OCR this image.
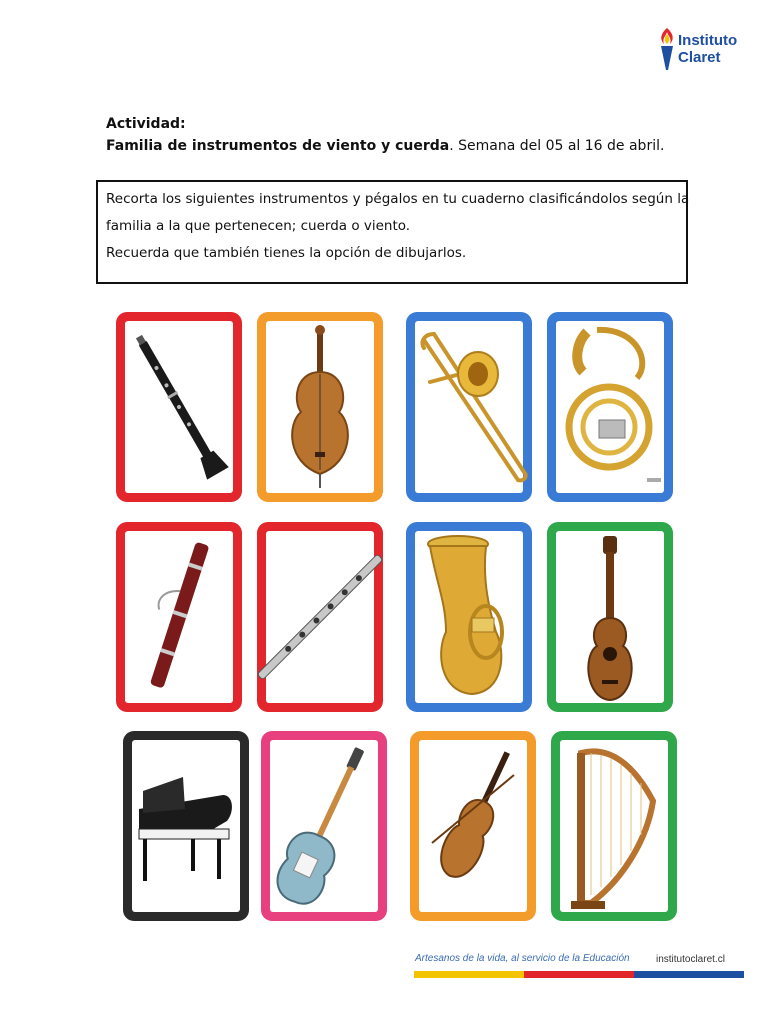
Instituto
Claret
Actividad:
Familia de instrumentos de viento y cuerda. Semana del 05 al 16 de abril.
Recorta los siguientes instrumentos y pégalos en tu cuaderno clasificándolos según la
familia a la que pertenecen; cuerda o viento.
Recuerda que también tienes la opción de dibujarlos.
Artesanos de la vida, al servicio de la Educación	institutoclaret.cl
